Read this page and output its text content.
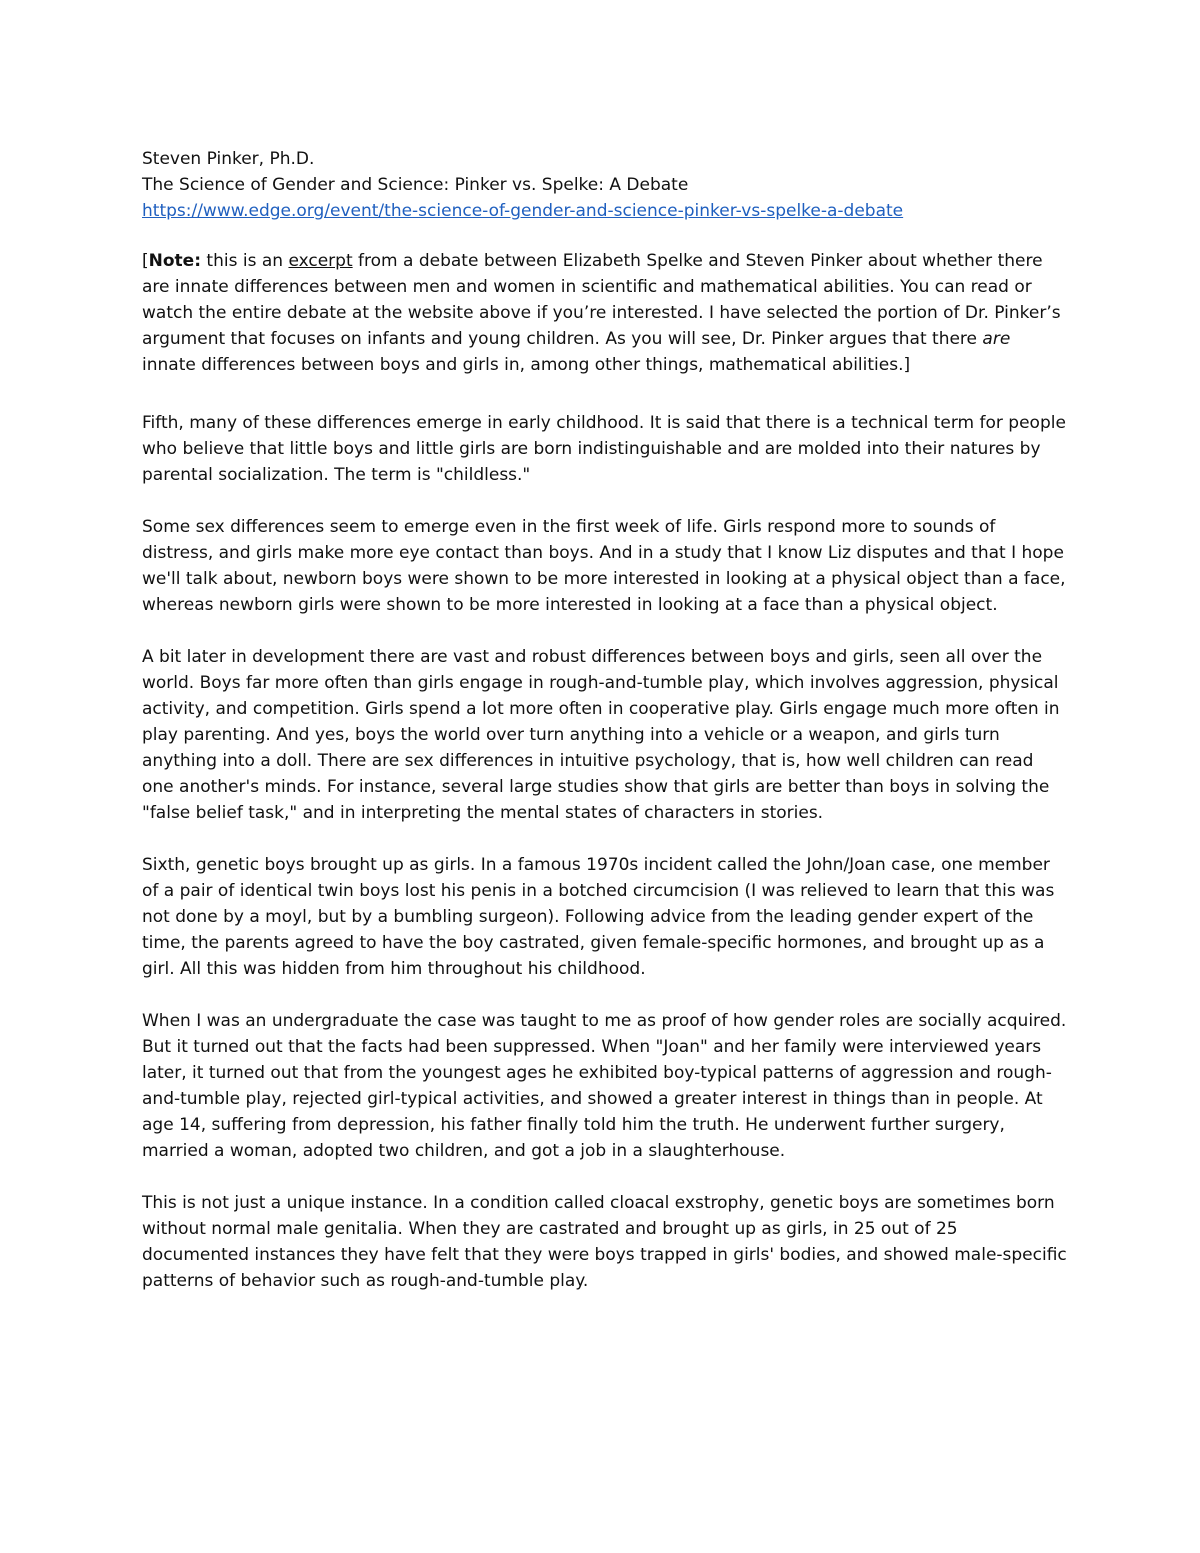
Steven Pinker, Ph.D.
The Science of Gender and Science: Pinker vs. Spelke: A Debate
https://www.edge.org/event/the-science-of-gender-and-science-pinker-vs-spelke-a-debate

[Note: this is an excerpt from a debate between Elizabeth Spelke and Steven Pinker about whether there are innate differences between men and women in scientific and mathematical abilities. You can read or watch the entire debate at the website above if you’re interested. I have selected the portion of Dr. Pinker’s argument that focuses on infants and young children. As you will see, Dr. Pinker argues that there are innate differences between boys and girls in, among other things, mathematical abilities.]

Fifth, many of these differences emerge in early childhood. It is said that there is a technical term for people who believe that little boys and little girls are born indistinguishable and are molded into their natures by parental socialization. The term is "childless."

Some sex differences seem to emerge even in the first week of life. Girls respond more to sounds of distress, and girls make more eye contact than boys. And in a study that I know Liz disputes and that I hope we'll talk about, newborn boys were shown to be more interested in looking at a physical object than a face, whereas newborn girls were shown to be more interested in looking at a face than a physical object.

A bit later in development there are vast and robust differences between boys and girls, seen all over the world. Boys far more often than girls engage in rough-and-tumble play, which involves aggression, physical activity, and competition. Girls spend a lot more often in cooperative play. Girls engage much more often in play parenting. And yes, boys the world over turn anything into a vehicle or a weapon, and girls turn anything into a doll. There are sex differences in intuitive psychology, that is, how well children can read one another's minds. For instance, several large studies show that girls are better than boys in solving the "false belief task," and in interpreting the mental states of characters in stories.

Sixth, genetic boys brought up as girls. In a famous 1970s incident called the John/Joan case, one member of a pair of identical twin boys lost his penis in a botched circumcision (I was relieved to learn that this was not done by a moyl, but by a bumbling surgeon). Following advice from the leading gender expert of the time, the parents agreed to have the boy castrated, given female-specific hormones, and brought up as a girl. All this was hidden from him throughout his childhood.

When I was an undergraduate the case was taught to me as proof of how gender roles are socially acquired. But it turned out that the facts had been suppressed. When "Joan" and her family were interviewed years later, it turned out that from the youngest ages he exhibited boy-typical patterns of aggression and rough-and-tumble play, rejected girl-typical activities, and showed a greater interest in things than in people. At age 14, suffering from depression, his father finally told him the truth. He underwent further surgery, married a woman, adopted two children, and got a job in a slaughterhouse.

This is not just a unique instance. In a condition called cloacal exstrophy, genetic boys are sometimes born without normal male genitalia. When they are castrated and brought up as girls, in 25 out of 25 documented instances they have felt that they were boys trapped in girls' bodies, and showed male-specific patterns of behavior such as rough-and-tumble play.
